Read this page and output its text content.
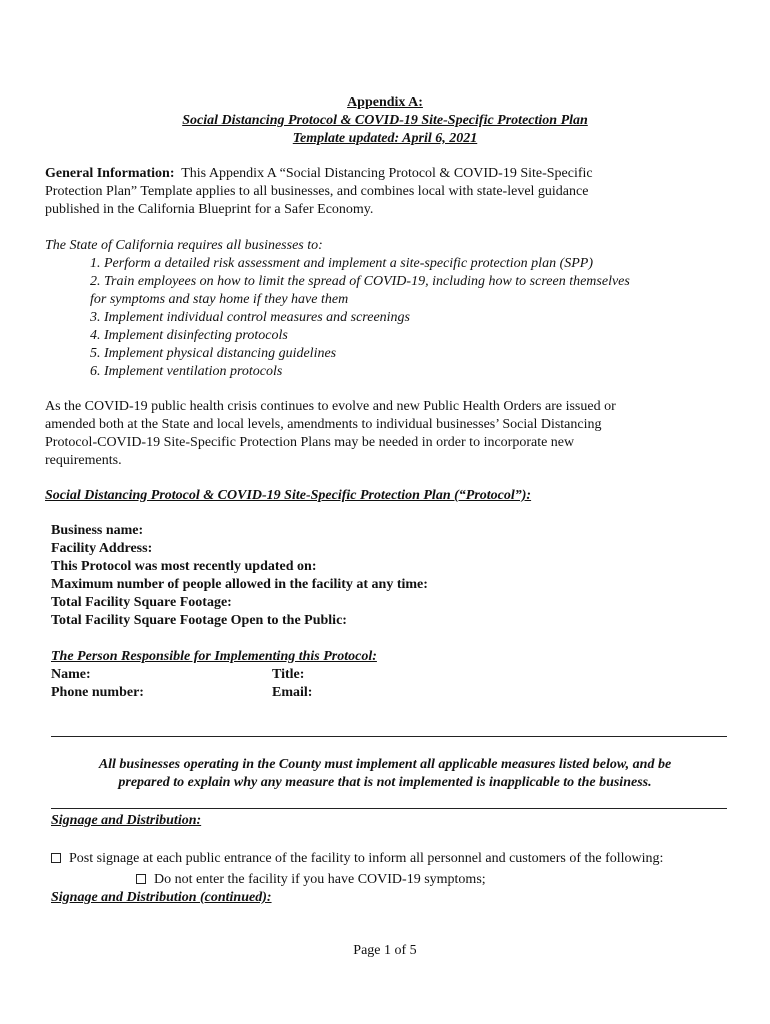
Appendix A:
Social Distancing Protocol & COVID-19 Site-Specific Protection Plan
Template updated: April 6, 2021
General Information: This Appendix A “Social Distancing Protocol & COVID-19 Site-Specific
Protection Plan” Template applies to all businesses, and combines local with state-level guidance
published in the California Blueprint for a Safer Economy.
The State of California requires all businesses to:
1. Perform a detailed risk assessment and implement a site-specific protection plan (SPP)
2. Train employees on how to limit the spread of COVID-19, including how to screen themselves
for symptoms and stay home if they have them
3. Implement individual control measures and screenings
4. Implement disinfecting protocols
5. Implement physical distancing guidelines
6. Implement ventilation protocols
As the COVID-19 public health crisis continues to evolve and new Public Health Orders are issued or
amended both at the State and local levels, amendments to individual businesses’ Social Distancing
Protocol-COVID-19 Site-Specific Protection Plans may be needed in order to incorporate new
requirements.
Social Distancing Protocol & COVID-19 Site-Specific Protection Plan (“Protocol”):
Business name:
Facility Address:
This Protocol was most recently updated on:
Maximum number of people allowed in the facility at any time:
Total Facility Square Footage:
Total Facility Square Footage Open to the Public:
The Person Responsible for Implementing this Protocol:
Name:	Title:
Phone number:	Email:
All businesses operating in the County must implement all applicable measures listed below, and be
prepared to explain why any measure that is not implemented is inapplicable to the business.
Signage and Distribution:
Post signage at each public entrance of the facility to inform all personnel and customers of the following:
Do not enter the facility if you have COVID-19 symptoms;
Signage and Distribution (continued):
Page 1 of 5
